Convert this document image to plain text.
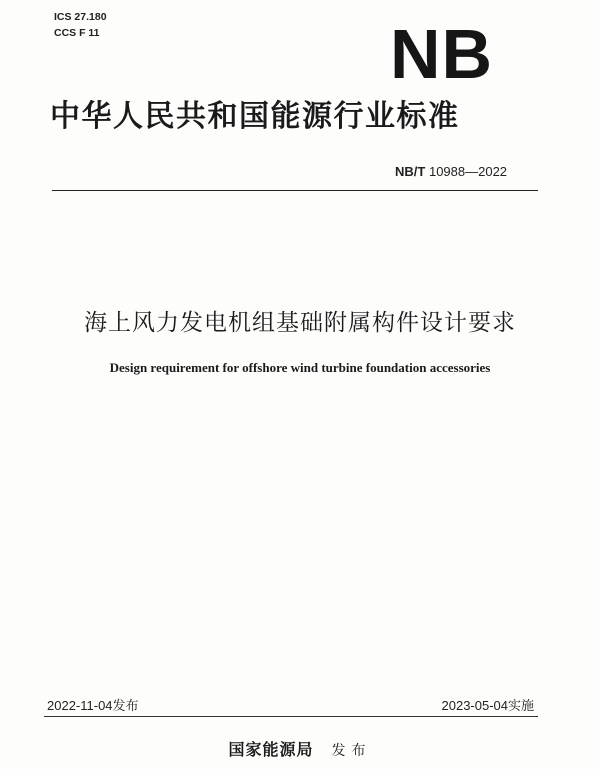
ICS 27.180
CCS F 11	NB
中华人民共和国能源行业标准
NB/T 10988—2022
海上风力发电机组基础附属构件设计要求
Design requirement for offshore wind turbine foundation accessories
2022-11-04发布	2023-05-04实施
国家能源局 发布
